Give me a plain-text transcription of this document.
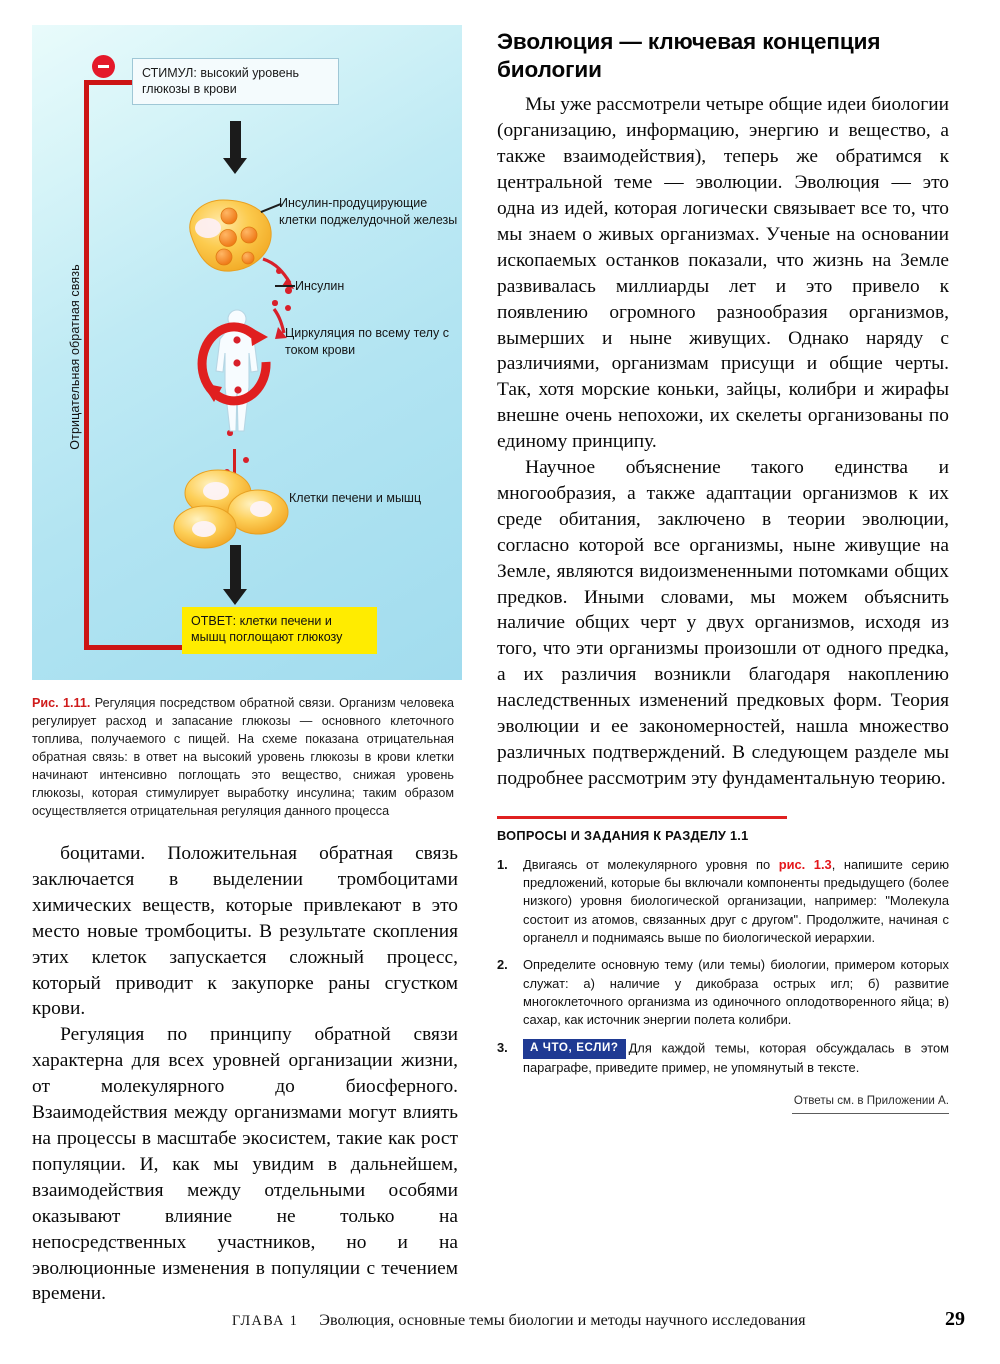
Отрицательная обратная связь
СТИМУЛ: высокий уровень глюкозы в крови
Инсулин-продуцирующие клетки поджелудочной железы
Инсулин
Циркуляция по всему телу с током крови
Клетки печени и мышц
ОТВЕТ: клетки печени и мышц поглощают глюкозу
Рис. 1.11. Регуляция посредством обратной связи. Организм человека регулирует расход и запасание глюкозы — основного клеточного топлива, получаемого с пищей. На схеме показана отрицательная обратная связь: в ответ на высокий уровень глюкозы в крови клетки начинают интенсивно поглощать это вещество, снижая уровень глюкозы, которая стимулирует выработку инсулина; таким образом осуществляется отрицательная регуляция данного процесса

боцитами. Положительная обратная связь заключается в выделении тромбоцитами химических веществ, которые привлекают в это место новые тромбоциты. В результате скопления этих клеток запускается сложный процесс, который приводит к закупорке раны сгустком крови.

Регуляция по принципу обратной связи характерна для всех уровней организации жизни, от молекулярного до биосферного. Взаимодействия между организмами могут влиять на процессы в масштабе экосистем, такие как рост популяции. И, как мы увидим в дальнейшем, взаимодействия между отдельными особями оказывают влияние не только на непосредственных участников, но и на эволюционные изменения в популяции с течением времени.

Эволюция — ключевая концепция биологии

Мы уже рассмотрели четыре общие идеи биологии (организацию, информацию, энергию и вещество, а также взаимодействия), теперь же обратимся к центральной теме — эволюции. Эволюция — это одна из идей, которая логически связывает все то, что мы знаем о живых организмах. Ученые на основании ископаемых останков показали, что жизнь на Земле развивалась миллиарды лет и это привело к появлению огромного разнообразия организмов, вымерших и ныне живущих. Однако наряду с различиями, организмам присущи и общие черты. Так, хотя морские коньки, зайцы, колибри и жирафы внешне очень непохожи, их скелеты организованы по единому принципу.

Научное объяснение такого единства и многообразия, а также адаптации организмов к их среде обитания, заключено в теории эволюции, согласно которой все организмы, ныне живущие на Земле, являются видоизмененными потомками общих предков. Иными словами, мы можем объяснить наличие общих черт у двух организмов, исходя из того, что эти организмы произошли от одного предка, а их различия возникли благодаря накоплению наследственных изменений предковых форм. Теория эволюции и ее закономерностей, нашла множество различных подтверждений. В следующем разделе мы подробнее рассмотрим эту фундаментальную теорию.

ВОПРОСЫ И ЗАДАНИЯ К РАЗДЕЛУ 1.1
1.	Двигаясь от молекулярного уровня по рис. 1.3, напишите серию предложений, которые бы включали компоненты предыдущего (более низкого) уровня биологической организации, например: "Молекула состоит из атомов, связанных друг с другом". Продолжите, начиная с органелл и поднимаясь выше по биологической иерархии.
2.	Определите основную тему (или темы) биологии, примером которых служат: а) наличие у дикобраза острых игл; б) развитие многоклеточного организма из одиночного оплодотворенного яйца; в) сахар, как источник энергии полета колибри.
3.	А ЧТО, ЕСЛИ? Для каждой темы, которая обсуждалась в этом параграфе, приведите пример, не упомянутый в тексте.
Ответы см. в Приложении А.
ГЛАВА 1 Эволюция, основные темы биологии и методы научного исследования	29
